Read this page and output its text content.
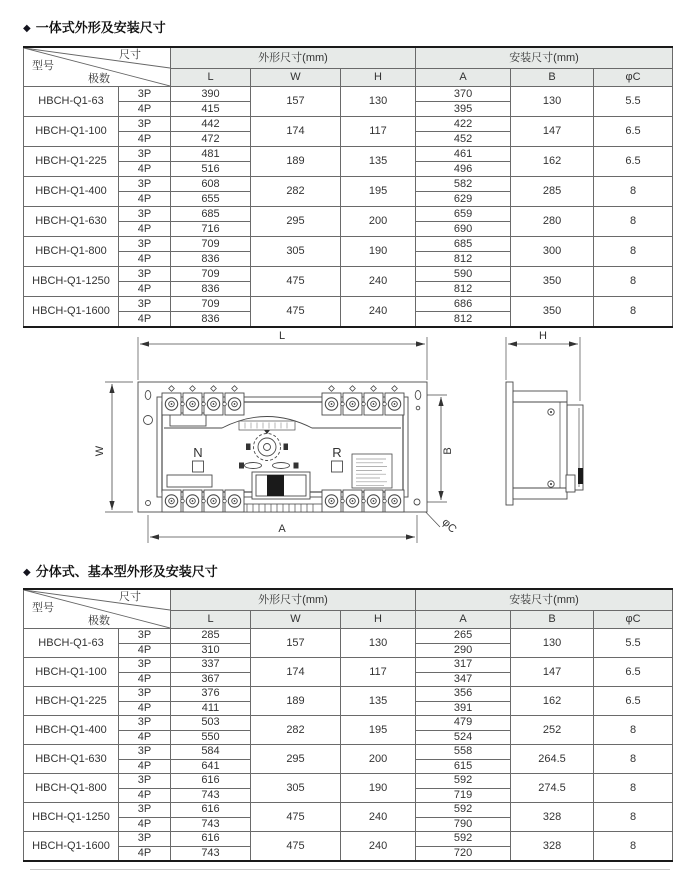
◆ 一体式外形及安装尺寸
尺寸
型号
极数		外形尺寸(mm)			安装尺寸(mm)		
		L	W	H	A	B	φC
HBCH-Q1-63	3P	390	157	130	370	130	5.5
	4P	415			395		
HBCH-Q1-100	3P	442	174	117	422	147	6.5
	4P	472			452		
HBCH-Q1-225	3P	481	189	135	461	162	6.5
	4P	516			496		
HBCH-Q1-400	3P	608	282	195	582	285	8
	4P	655			629		
HBCH-Q1-630	3P	685	295	200	659	280	8
	4P	716			690		
HBCH-Q1-800	3P	709	305	190	685	300	8
	4P	836			812		
HBCH-Q1-1250	3P	709	475	240	590	350	8
	4P	836			812		
HBCH-Q1-1600	3P	709	475	240	686	350	8
	4P	836			812		
L
W
A
B
H
φC
N	R
◆ 分体式、基本型外形及安装尺寸
尺寸
型号
极数		外形尺寸(mm)			安装尺寸(mm)		
		L	W	H	A	B	φC
HBCH-Q1-63	3P	285	157	130	265	130	5.5
	4P	310			290		
HBCH-Q1-100	3P	337	174	117	317	147	6.5
	4P	367			347		
HBCH-Q1-225	3P	376	189	135	356	162	6.5
	4P	411			391		
HBCH-Q1-400	3P	503	282	195	479	252	8
	4P	550			524		
HBCH-Q1-630	3P	584	295	200	558	264.5	8
	4P	641			615		
HBCH-Q1-800	3P	616	305	190	592	274.5	8
	4P	743			719		
HBCH-Q1-1250	3P	616	475	240	592	328	8
	4P	743			790		
HBCH-Q1-1600	3P	616	475	240	592	328	8
	4P	743			720		
